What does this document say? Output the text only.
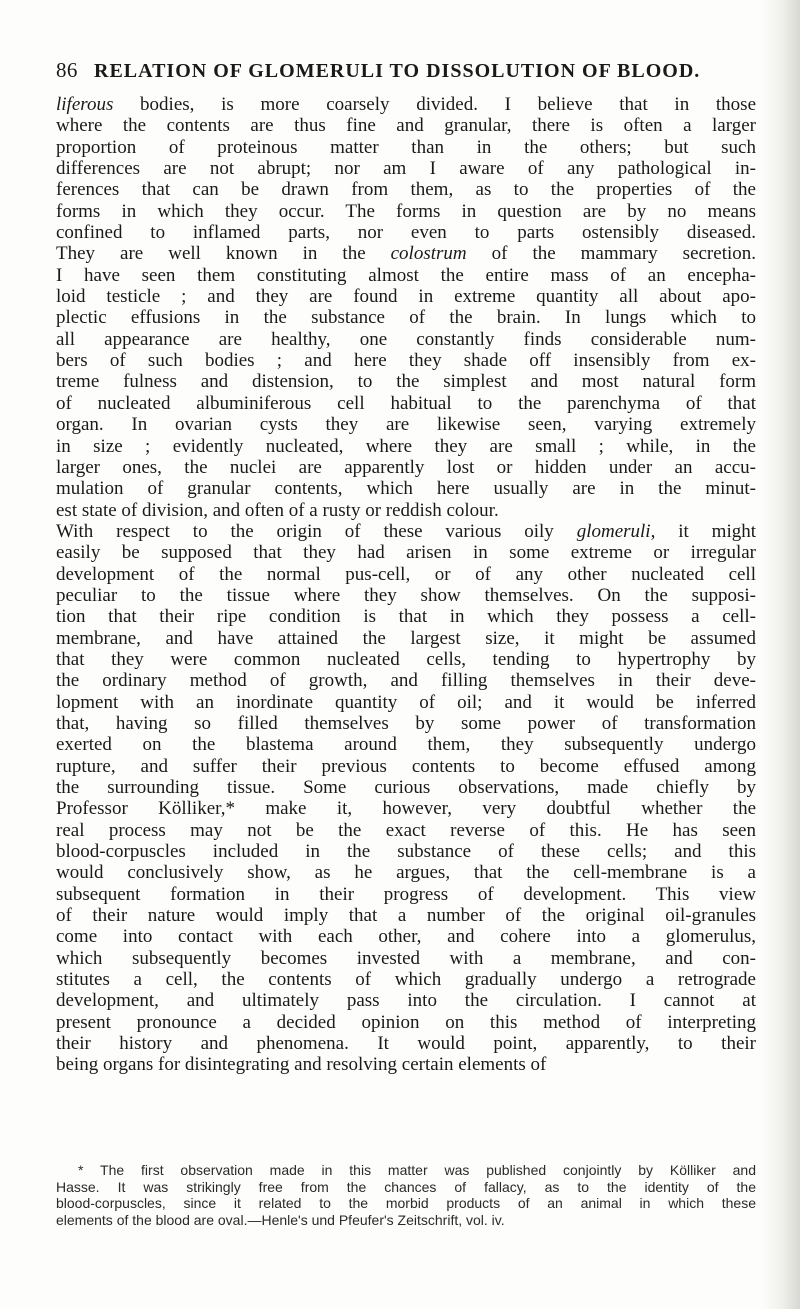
86 RELATION OF GLOMERULI TO DISSOLUTION OF BLOOD.
liferous bodies, is more coarsely divided. I believe that in those
where the contents are thus fine and granular, there is often a larger
proportion of proteinous matter than in the others; but such
differences are not abrupt; nor am I aware of any pathological in-
ferences that can be drawn from them, as to the properties of the
forms in which they occur. The forms in question are by no means
confined to inflamed parts, nor even to parts ostensibly diseased.
They are well known in the colostrum of the mammary secretion.
I have seen them constituting almost the entire mass of an encepha-
loid testicle ; and they are found in extreme quantity all about apo-
plectic effusions in the substance of the brain. In lungs which to
all appearance are healthy, one constantly finds considerable num-
bers of such bodies ; and here they shade off insensibly from ex-
treme fulness and distension, to the simplest and most natural form
of nucleated albuminiferous cell habitual to the parenchyma of that
organ. In ovarian cysts they are likewise seen, varying extremely
in size ; evidently nucleated, where they are small ; while, in the
larger ones, the nuclei are apparently lost or hidden under an accu-
mulation of granular contents, which here usually are in the minut-
est state of division, and often of a rusty or reddish colour.
With respect to the origin of these various oily glomeruli, it might
easily be supposed that they had arisen in some extreme or irregular
development of the normal pus-cell, or of any other nucleated cell
peculiar to the tissue where they show themselves. On the supposi-
tion that their ripe condition is that in which they possess a cell-
membrane, and have attained the largest size, it might be assumed
that they were common nucleated cells, tending to hypertrophy by
the ordinary method of growth, and filling themselves in their deve-
lopment with an inordinate quantity of oil; and it would be inferred
that, having so filled themselves by some power of transformation
exerted on the blastema around them, they subsequently undergo
rupture, and suffer their previous contents to become effused among
the surrounding tissue. Some curious observations, made chiefly by
Professor Kölliker,* make it, however, very doubtful whether the
real process may not be the exact reverse of this. He has seen
blood-corpuscles included in the substance of these cells; and this
would conclusively show, as he argues, that the cell-membrane is a
subsequent formation in their progress of development. This view
of their nature would imply that a number of the original oil-granules
come into contact with each other, and cohere into a glomerulus,
which subsequently becomes invested with a membrane, and con-
stitutes a cell, the contents of which gradually undergo a retrograde
development, and ultimately pass into the circulation. I cannot at
present pronounce a decided opinion on this method of interpreting
their history and phenomena. It would point, apparently, to their
being organs for disintegrating and resolving certain elements of
* The first observation made in this matter was published conjointly by Kölliker and
Hasse. It was strikingly free from the chances of fallacy, as to the identity of the
blood-corpuscles, since it related to the morbid products of an animal in which these
elements of the blood are oval.—Henle's und Pfeufer's Zeitschrift, vol. iv.
